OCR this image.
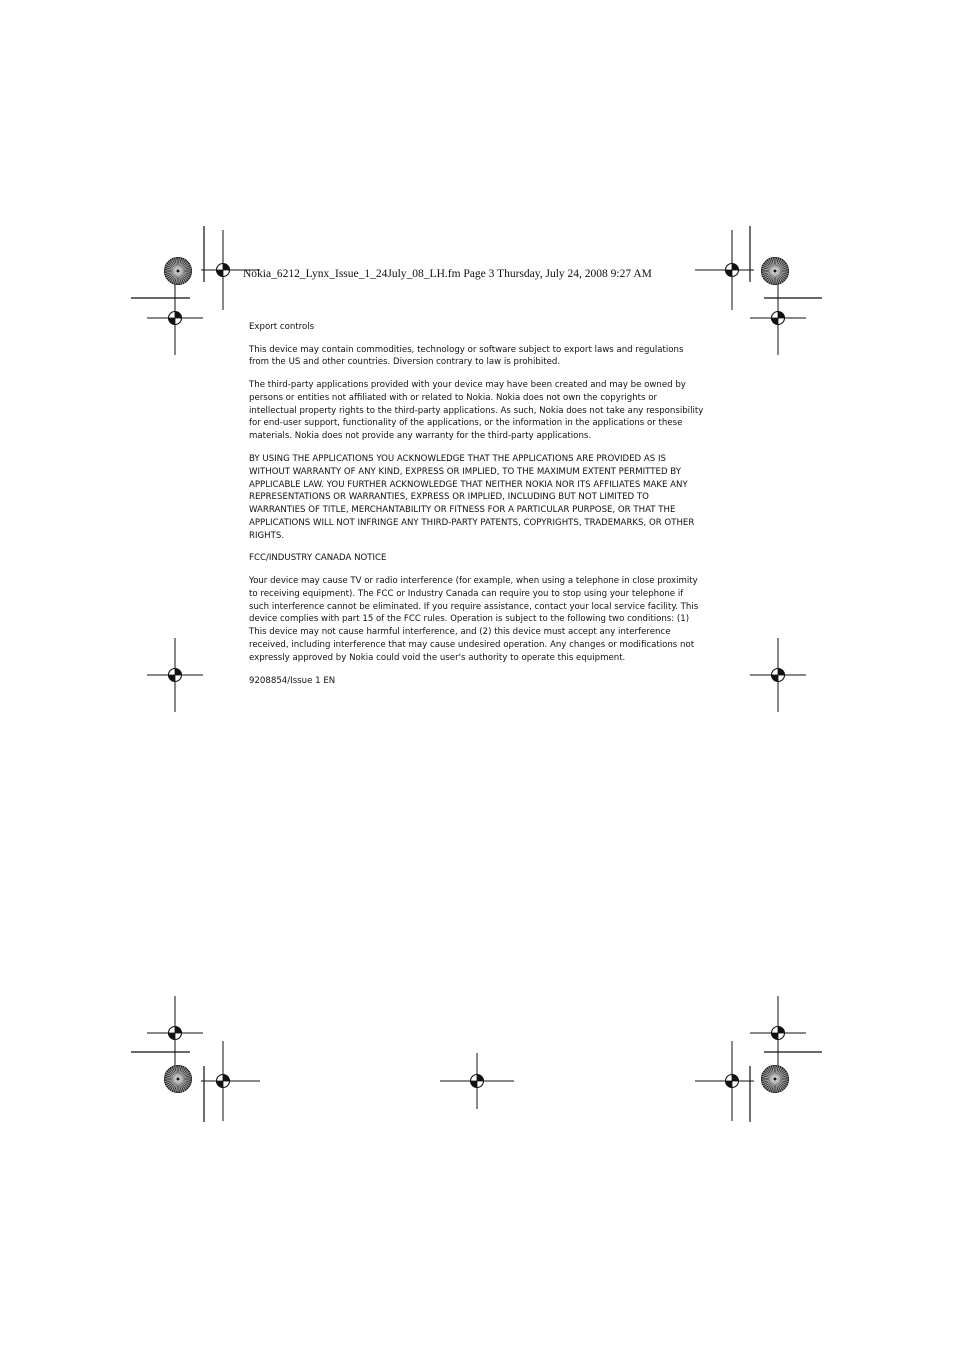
Nokia_6212_Lynx_Issue_1_24July_08_LH.fm Page 3 Thursday, July 24, 2008 9:27 AM

Export controls

This device may contain commodities, technology or software subject to export laws and regulations from the US and other countries. Diversion contrary to law is prohibited.

The third-party applications provided with your device may have been created and may be owned by persons or entities not affiliated with or related to Nokia. Nokia does not own the copyrights or intellectual property rights to the third-party applications. As such, Nokia does not take any responsibility for end-user support, functionality of the applications, or the information in the applications or these materials. Nokia does not provide any warranty for the third-party applications.

BY USING THE APPLICATIONS YOU ACKNOWLEDGE THAT THE APPLICATIONS ARE PROVIDED AS IS WITHOUT WARRANTY OF ANY KIND, EXPRESS OR IMPLIED, TO THE MAXIMUM EXTENT PERMITTED BY APPLICABLE LAW. YOU FURTHER ACKNOWLEDGE THAT NEITHER NOKIA NOR ITS AFFILIATES MAKE ANY REPRESENTATIONS OR WARRANTIES, EXPRESS OR IMPLIED, INCLUDING BUT NOT LIMITED TO WARRANTIES OF TITLE, MERCHANTABILITY OR FITNESS FOR A PARTICULAR PURPOSE, OR THAT THE APPLICATIONS WILL NOT INFRINGE ANY THIRD-PARTY PATENTS, COPYRIGHTS, TRADEMARKS, OR OTHER RIGHTS.

FCC/INDUSTRY CANADA NOTICE

Your device may cause TV or radio interference (for example, when using a telephone in close proximity to receiving equipment). The FCC or Industry Canada can require you to stop using your telephone if such interference cannot be eliminated. If you require assistance, contact your local service facility. This device complies with part 15 of the FCC rules. Operation is subject to the following two conditions: (1) This device may not cause harmful interference, and (2) this device must accept any interference received, including interference that may cause undesired operation. Any changes or modifications not expressly approved by Nokia could void the user's authority to operate this equipment.

9208854/Issue 1 EN
